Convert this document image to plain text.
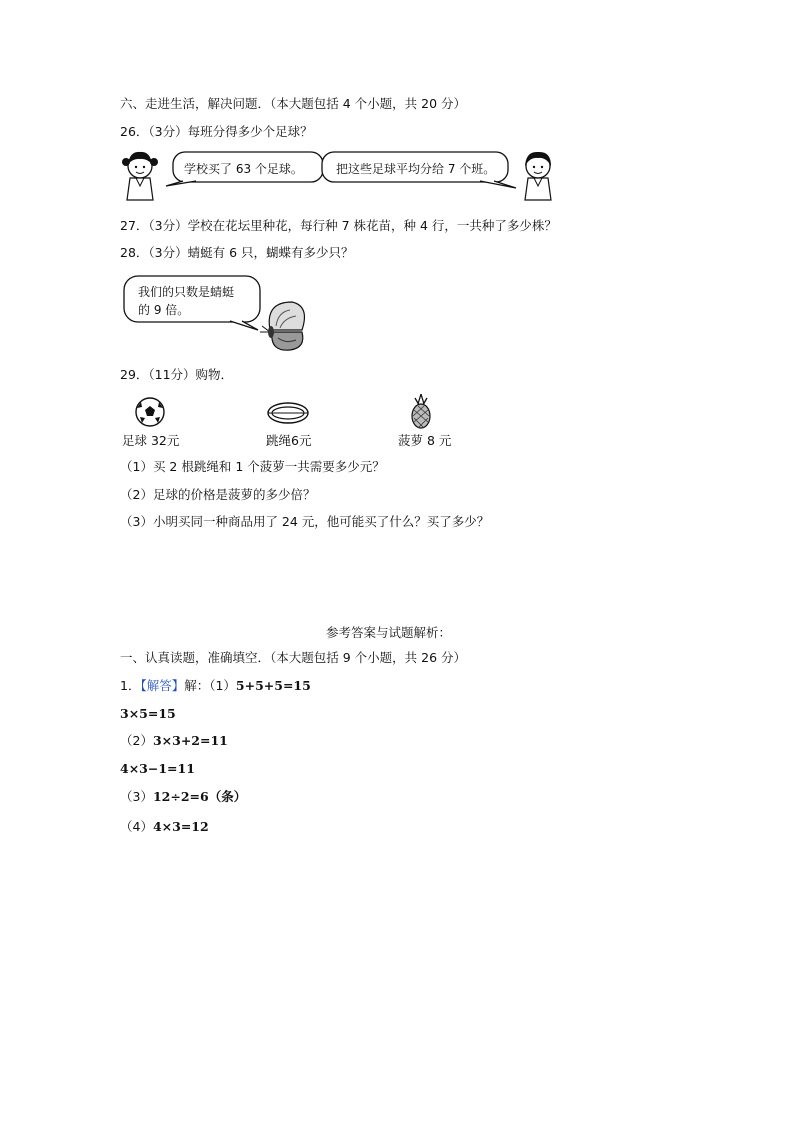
六、走进生活，解决问题．（本大题包括 4 个小题，共 20 分）
26．（3分）每班分得多少个足球？
学校买了 63 个足球。	把这些足球平均分给 7 个班。
27．（3分）学校在花坛里种花，每行种 7 株花苗，种 4 行，一共种了多少株？
28．（3分）蜻蜓有 6 只，蝴蝶有多少只？
我们的只数是蜻蜓
的 9 倍。
29．（11分）购物．
足球 32元	跳绳6元	菠萝 8 元
（1）买 2 根跳绳和 1 个菠萝一共需要多少元？
（2）足球的价格是菠萝的多少倍？
（3）小明买同一种商品用了 24 元，他可能买了什么？买了多少？
参考答案与试题解析：
一、认真读题，准确填空．（本大题包括 9 个小题，共 26 分）
1．【解答】解：（1）5+5+5=15
3×5=15
（2）3×3+2=11
4×3−1=11
（3）12÷2=6（条）
（4）4×3=12
